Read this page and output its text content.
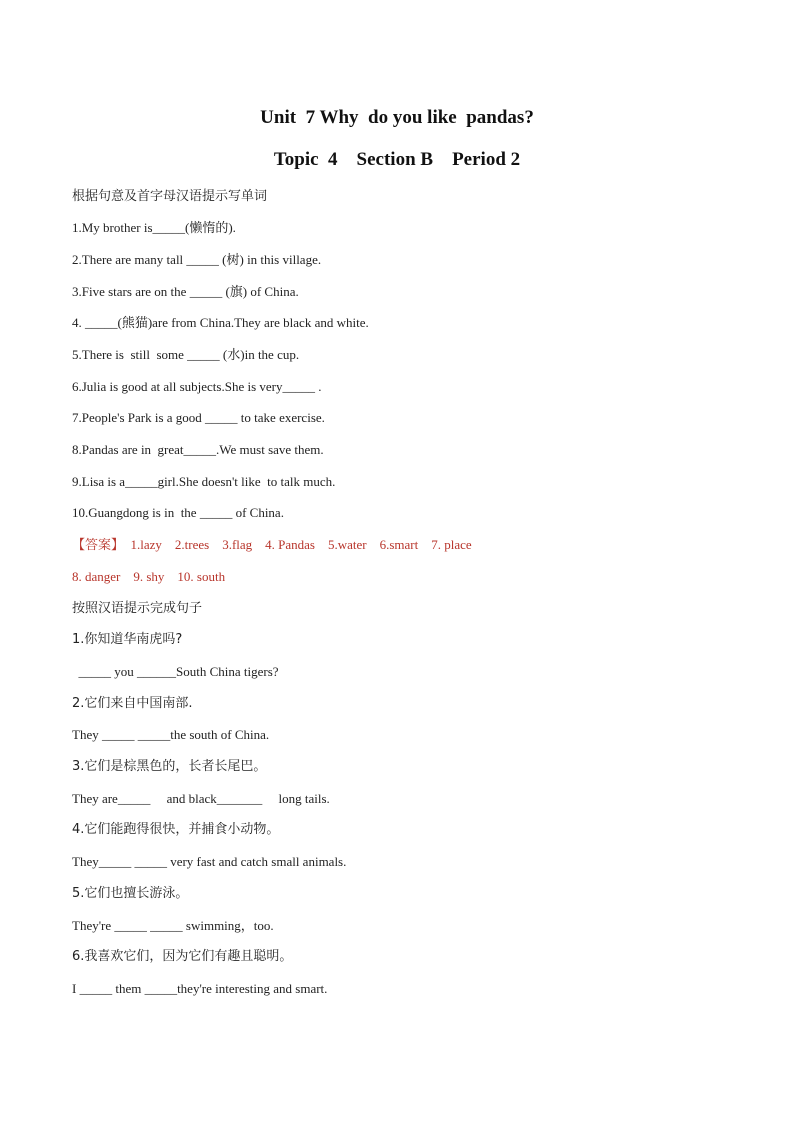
Unit  7 Why  do you like  pandas?
Topic  4    Section B    Period 2
根据句意及首字母汉语提示写单词
1.My brother is_____(懒惰的).
2.There are many tall _____ (树) in this village.
3.Five stars are on the _____ (旗) of China.
4. _____(熊猫)are from China.They are black and white.
5.There is  still  some _____ (水)in the cup.
6.Julia is good at all subjects.She is very_____ .
7.People's Park is a good _____ to take exercise.
8.Pandas are in  great_____.We must save them.
9.Lisa is a_____girl.She doesn't like  to talk much.
10.Guangdong is in  the _____ of China.
【答案】  1.lazy    2.trees    3.flag    4. Pandas    5.water    6.smart    7. place
8. danger    9. shy    10. south
按照汉语提示完成句子
1.你知道华南虎吗?
_____ you ______South China tigers?
2.它们来自中国南部.
They _____ _____the south of China.
3.它们是棕黑色的，长者长尾巴。
They are_____     and black_______     long tails.
4.它们能跑得很快，并捕食小动物。
They_____ _____ very fast and catch small animals.
5.它们也擅长游泳。
They're _____ _____ swimming，too.
6.我喜欢它们，因为它们有趣且聪明。
I _____ them _____they're interesting and smart.
